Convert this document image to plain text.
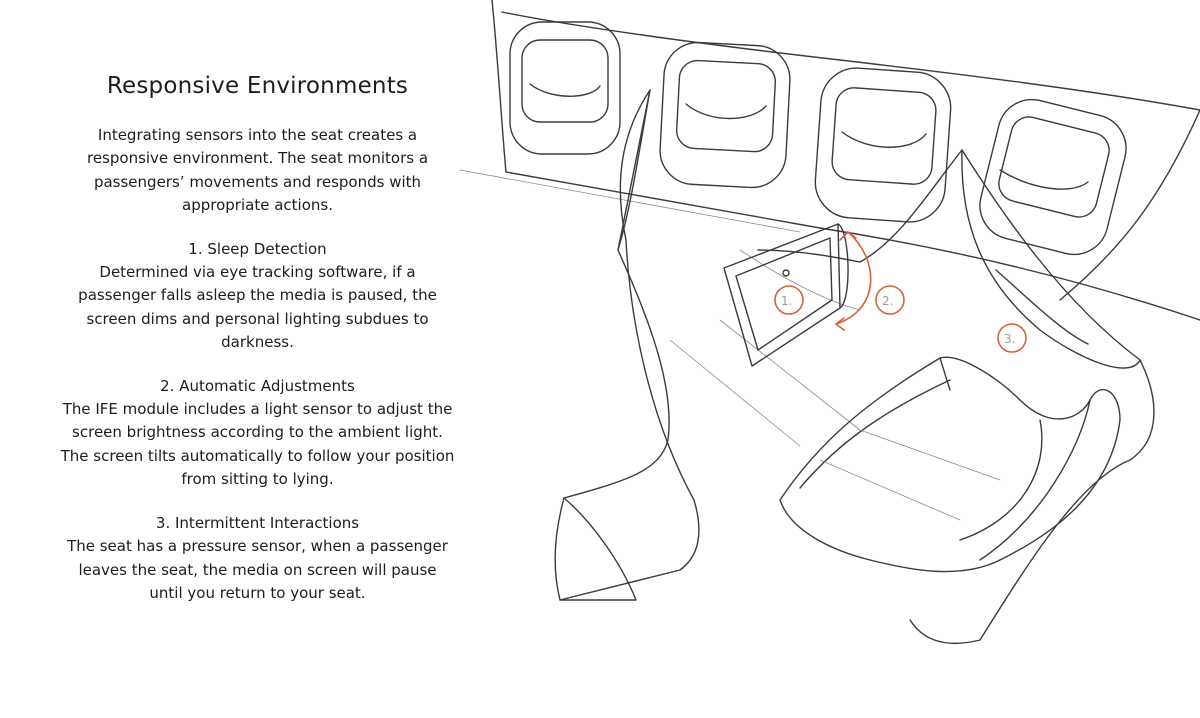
Responsive Environments

Integrating sensors into the seat creates a responsive environment. The seat monitors a passengers’ movements and responds with appropriate actions.

1. Sleep Detection
Determined via eye tracking software, if a passenger falls asleep the media is paused, the screen dims and personal lighting subdues to darkness.
2. Automatic Adjustments
The IFE module includes a light sensor to adjust the screen brightness according to the ambient light. The screen tilts automatically to follow your position from sitting to lying.
3. Intermittent Interactions
The seat has a pressure sensor, when a passenger leaves the seat, the media on screen will pause until you return to your seat.
1.	2.
3.
